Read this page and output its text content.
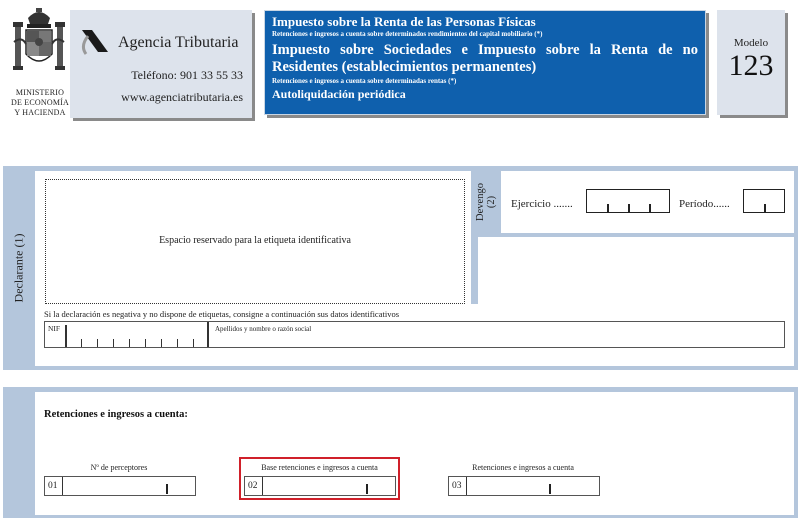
MINISTERIO
DE ECONOMÍA
Y HACIENDA
Agencia Tributaria
Teléfono: 901 33 55 33
www.agenciatributaria.es
Impuesto sobre la Renta de las Personas Físicas
Retenciones e ingresos a cuenta sobre determinados rendimientos del capital mobiliario (*)
Impuesto sobre Sociedades e Impuesto sobre la Renta de no Residentes (establecimientos permanentes)
Retenciones e ingresos a cuenta sobre determinadas rentas (*)
Autoliquidación periódica
Modelo
123
Declarante (1)	Espacio reservado para la etiqueta identificativa
Si la declaración es negativa y no dispone de etiquetas, consigne a continuación sus datos identificativos
NIF	Apellidos y nombre o razón social
Devengo (2) Ejercicio .......	Período......
Retenciones e ingresos a cuenta:
Nº de perceptores
01
Base retenciones e ingresos a cuenta
02
Retenciones e ingresos a cuenta
03
